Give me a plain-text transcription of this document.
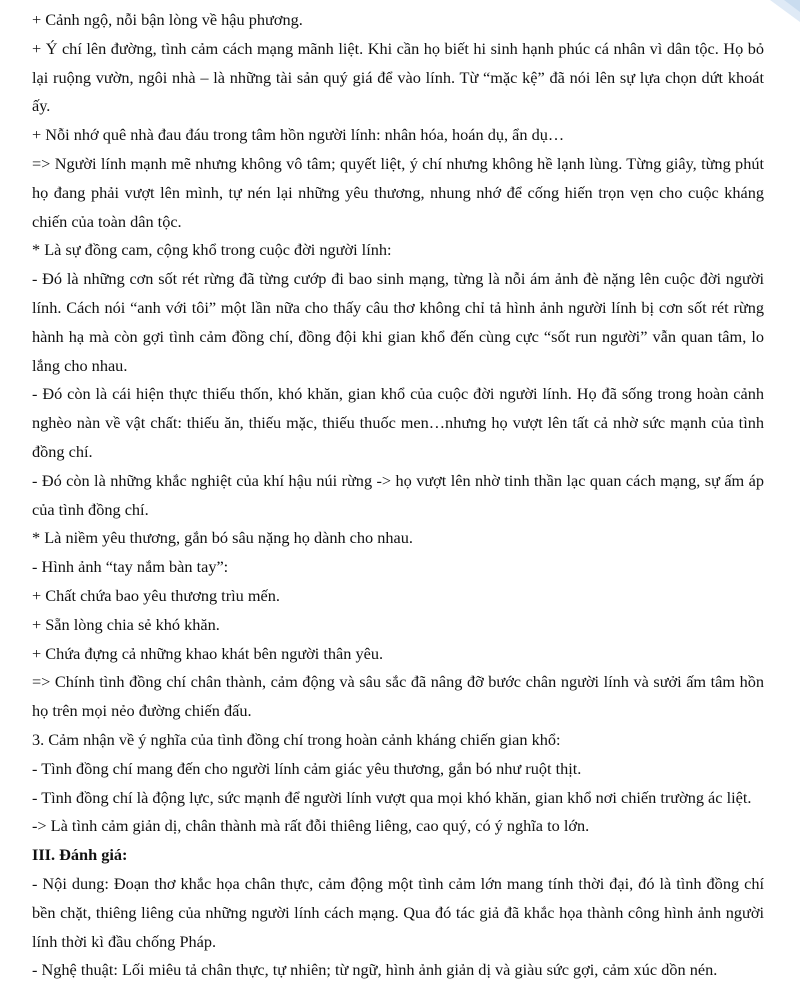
+ Cảnh ngộ, nỗi bận lòng về hậu phương.

+ Ý chí lên đường, tình cảm cách mạng mãnh liệt. Khi cần họ biết hi sinh hạnh phúc cá nhân vì dân tộc. Họ bỏ lại ruộng vườn, ngôi nhà – là những tài sản quý giá để vào lính. Từ “mặc kệ” đã nói lên sự lựa chọn dứt khoát ấy.

+ Nỗi nhớ quê nhà đau đáu trong tâm hồn người lính: nhân hóa, hoán dụ, ẩn dụ…

=> Người lính mạnh mẽ nhưng không vô tâm; quyết liệt, ý chí nhưng không hề lạnh lùng. Từng giây, từng phút họ đang phải vượt lên mình, tự nén lại những yêu thương, nhung nhớ để cống hiến trọn vẹn cho cuộc kháng chiến của toàn dân tộc.

* Là sự đồng cam, cộng khổ trong cuộc đời người lính:

- Đó là những cơn sốt rét rừng đã từng cướp đi bao sinh mạng, từng là nỗi ám ảnh đè nặng lên cuộc đời người lính. Cách nói “anh với tôi” một lần nữa cho thấy câu thơ không chỉ tả hình ảnh người lính bị cơn sốt rét rừng hành hạ mà còn gợi tình cảm đồng chí, đồng đội khi gian khổ đến cùng cực “sốt run người” vẫn quan tâm, lo lắng cho nhau.

- Đó còn là cái hiện thực thiếu thốn, khó khăn, gian khổ của cuộc đời người lính. Họ đã sống trong hoàn cảnh nghèo nàn về vật chất: thiếu ăn, thiếu mặc, thiếu thuốc men…nhưng họ vượt lên tất cả nhờ sức mạnh của tình đồng chí.

- Đó còn là những khắc nghiệt của khí hậu núi rừng -> họ vượt lên nhờ tinh thần lạc quan cách mạng, sự ấm áp của tình đồng chí.

* Là niềm yêu thương, gắn bó sâu nặng họ dành cho nhau.

- Hình ảnh “tay nắm bàn tay”:

+ Chất chứa bao yêu thương trìu mến.

+ Sẵn lòng chia sẻ khó khăn.

+ Chứa đựng cả những khao khát bên người thân yêu.

=> Chính tình đồng chí chân thành, cảm động và sâu sắc đã nâng đỡ bước chân người lính và sưởi ấm tâm hồn họ trên mọi nẻo đường chiến đấu.

3. Cảm nhận về ý nghĩa của tình đồng chí trong hoàn cảnh kháng chiến gian khổ:

- Tình đồng chí mang đến cho người lính cảm giác yêu thương, gắn bó như ruột thịt.

- Tình đồng chí là động lực, sức mạnh để người lính vượt qua mọi khó khăn, gian khổ nơi chiến trường ác liệt.

-> Là tình cảm giản dị, chân thành mà rất đỗi thiêng liêng, cao quý, có ý nghĩa to lớn.

III. Đánh giá:

- Nội dung: Đoạn thơ khắc họa chân thực, cảm động một tình cảm lớn mang tính thời đại, đó là tình đồng chí bền chặt, thiêng liêng của những người lính cách mạng. Qua đó tác giả đã khắc họa thành công hình ảnh người lính thời kì đầu chống Pháp.

- Nghệ thuật: Lối miêu tả chân thực, tự nhiên; từ ngữ, hình ảnh giản dị và giàu sức gợi, cảm xúc dồn nén.
